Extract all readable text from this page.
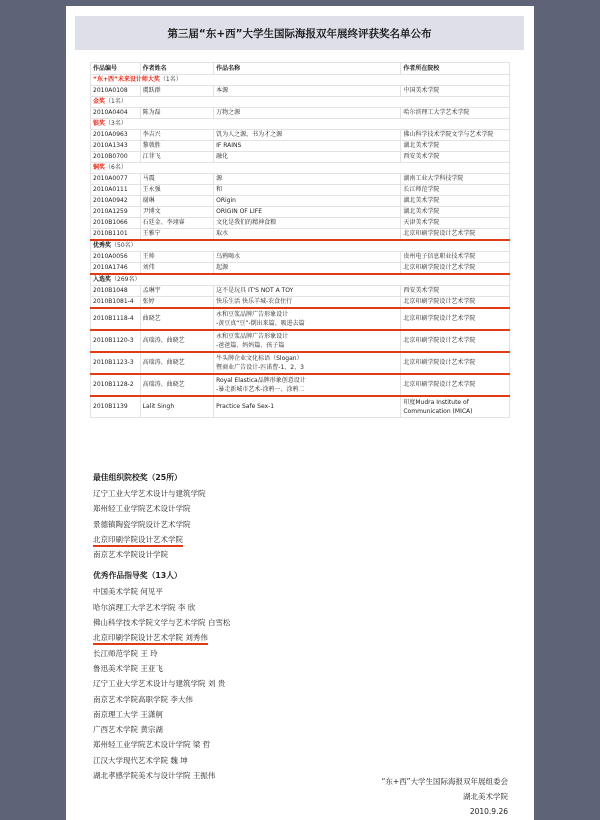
第三届“东+西”大学生国际海报双年展终评获奖名单公布
作品编号	作者姓名	作品名称	作者所在院校
“东+西”未来设计师大奖（1名）			
2010A0108	虞跃群	本源	中国美术学院

金奖（1名）			
2010A0404	陈为磊	万物之源	哈尔滨理工大学艺术学院

银奖（3名）			
2010A0963	李吉兴	饥为人之源，书为才之源	佛山科学技术学院文学与艺术学院

2010A1343	黎戟胜	IF RAINS	湖北美术学院

2010B0700	江菲飞	融化	西安美术学院

铜奖（6名）			
2010A0077	马震	源	湖南工业大学科技学院

2010A0111	王永强	和	长江师范学院

2010A0942	谢琳	ORigin	湖北美术学院

2010A1259	尹博文	ORIGIN OF LIFE	湖北美术学院

2010B1066	石廷金、李翊睿	文化是我们的精神食粮	天津美术学院

2010B1101	王雅宁	取水	北京印刷学院设计艺术学院

优秀奖（50名）			
2010A0056	王帅	乌鸦喝水	贵州电子信息职业技术学院

2010A1746	刘伟	起源	北京印刷学院设计艺术学院

入选奖（269名）			
2010B1048	孟琳宇	这不是玩具 IT'S NOT A TOY	西安美术学院

2010B1081-4	张婷	快乐生活 快乐羊城-农食住行	北京印刷学院设计艺术学院

2010B1118-4	曲晓艺	永和豆浆品牌广告形象设计
-黄豆真“豆”-倒出来篇、吸进去篇	北京印刷学院设计艺术学院

2010B1120-3	高瑞涛、曲晓艺	永和豆浆品牌广告形象设计
-爸爸篇、妈妈篇、孩子篇	北京印刷学院设计艺术学院

2010B1123-3	高瑞涛、曲晓艺	牛头牌企业文化标语（Slogan）
暨商业广告设计-匹诺曹-1、2、3	北京印刷学院设计艺术学院

2010B1128-2	高瑞涛、曲晓艺	Royal Elastica品牌形象创意设计
-暴走新城市艺术-涂鸦一、涂鸦二	北京印刷学院设计艺术学院

2010B1139	Lalit Singh	Practice Safe Sex-1	印度Mudra Institute of
Communication (MICA)
最佳组织院校奖（25所）
辽宁工业大学艺术设计与建筑学院
郑州轻工业学院艺术设计学院
景德镇陶瓷学院设计艺术学院
北京印刷学院设计艺术学院
南京艺术学院设计学院
优秀作品指导奖（13人）
中国美术学院 何见平
哈尔滨理工大学艺术学院 李 欣
佛山科学技术学院文学与艺术学院 白雪松
北京印刷学院设计艺术学院 刘秀伟
长江师范学院 王 玲
鲁迅美术学院 王亚飞
辽宁工业大学艺术设计与建筑学院 刘 贵
南京艺术学院高职学院 李大伟
南京理工大学 王潇舸
广西艺术学院 黄宗湖
郑州轻工业学院艺术设计学院 梁 哲
江汉大学现代艺术学院 魏 坤
湖北孝感学院美术与设计学院 王振伟
“东+西”大学生国际海报双年展组委会
湖北美术学院
2010.9.26
